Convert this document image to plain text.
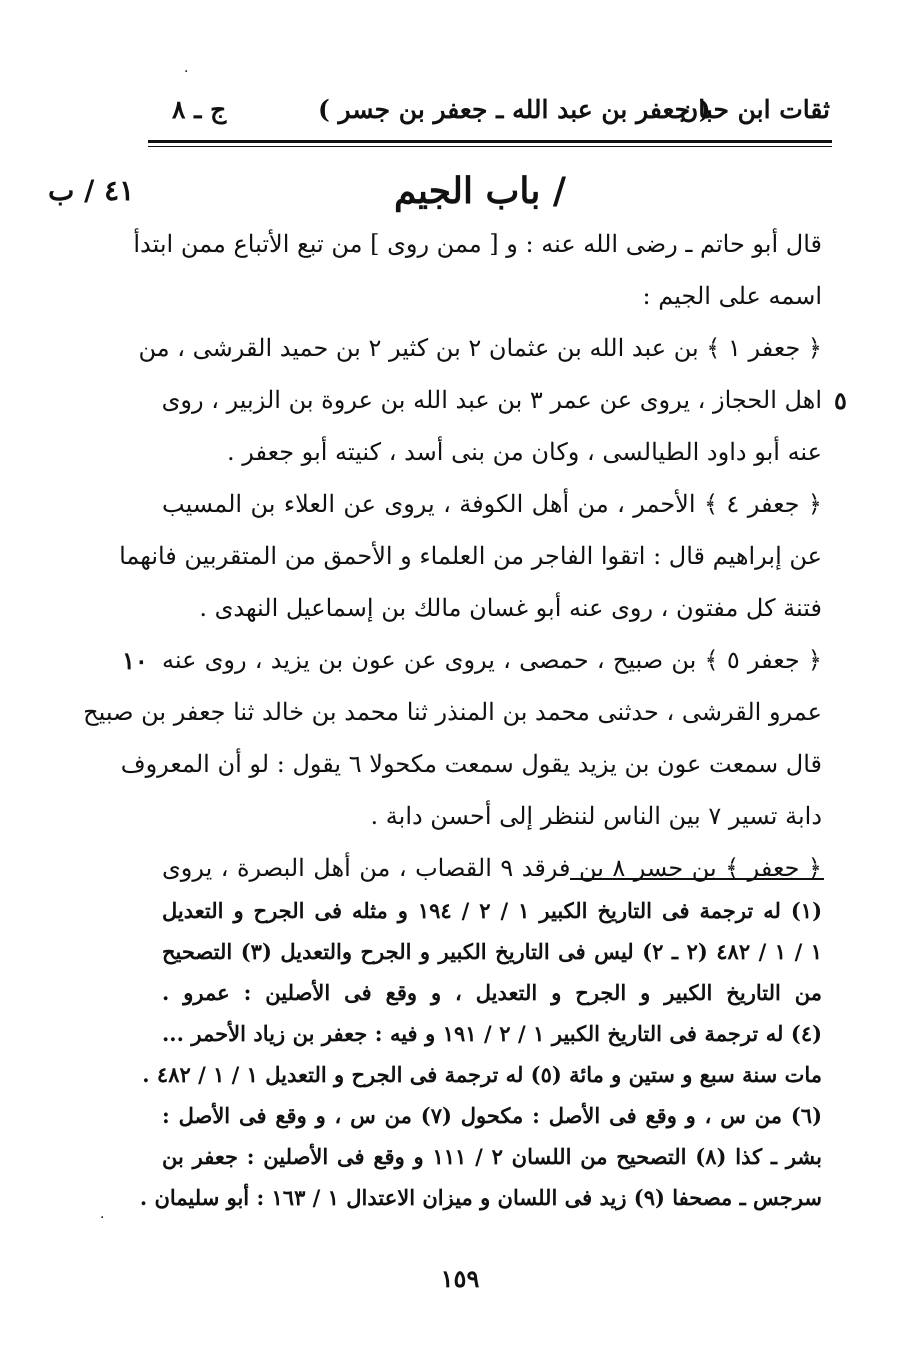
ج ـ ٨	( جعفر بن عبد الله ـ جعفر بن جسر )
ثقات ابن حبان
٤١ / ب	/ باب الجيم
قال أبو حاتم ـ رضى الله عنه : و [ ممن روى ] من تبع الأتباع ممن ابتدأ
اسمه على الجيم :
﴿ جعفر ١ ﴾ بن عبد الله بن عثمان ٢ بن كثير ٢ بن حميد القرشى ، من
اهل الحجاز ، يروى عن عمر ٣ بن عبد الله بن عروة بن الزبير ، روى
عنه أبو داود الطيالسى ، وكان من بنى أسد ، كنيته أبو جعفر .
﴿ جعفر ٤ ﴾ الأحمر ، من أهل الكوفة ، يروى عن العلاء بن المسيب
عن إبراهيم قال : اتقوا الفاجر من العلماء و الأحمق من المتقربين فانهما
فتنة كل مفتون ، روى عنه أبو غسان مالك بن إسماعيل النهدى .
﴿ جعفر ٥ ﴾ بن صبيح ، حمصى ، يروى عن عون بن يزيد ، روى عنه
عمرو القرشى ، حدثنى محمد بن المنذر ثنا محمد بن خالد ثنا جعفر بن صبيح
قال سمعت عون بن يزيد يقول سمعت مكحولا ٦ يقول : لو أن المعروف
دابة تسير ٧ بين الناس لننظر إلى أحسن دابة .
﴿ جعفر ﴾ بن جسر ٨ بن فرقد ٩ القصاب ، من أهل البصرة ، يروى
٥
١٠
(١) له ترجمة فى التاريخ الكبير ١ / ٢ / ١٩٤ و مثله فى الجرح و التعديل
١ / ١ / ٤٨٢ (٢ ـ ٢) ليس فى التاريخ الكبير و الجرح والتعديل (٣) التصحيح
من التاريخ الكبير و الجرح و التعديل ، و وقع فى الأصلين : عمرو .
(٤) له ترجمة فى التاريخ الكبير ١ / ٢ / ١٩١ و فيه : جعفر بن زياد الأحمر ...
مات سنة سبع و ستين و مائة (٥) له ترجمة فى الجرح و التعديل ١ / ١ / ٤٨٢ .
(٦) من س ، و وقع فى الأصل : مكحول (٧) من س ، و وقع فى الأصل :
بشر ـ كذا (٨) التصحيح من اللسان ٢ / ١١١ و وقع فى الأصلين : جعفر بن
سرجس ـ مصحفا (٩) زيد فى اللسان و ميزان الاعتدال ١ / ١٦٣ : أبو سليمان .
١٥٩
·
·
